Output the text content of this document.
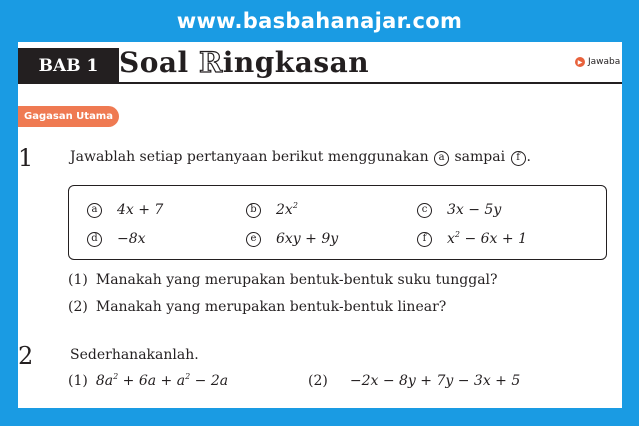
www.basbahanajar.com
BAB 1 Soal Ringkasan	▶ Jawaba
Gagasan Utama
1	Jawablah setiap pertanyaan berikut menggunakan a sampai f .
a	4x + 7	b	$2x^2$	c	3x − 5y
d	−8x	e	6xy + 9y	f	$x^2 - 6x + 1$
(1) Manakah yang merupakan bentuk-bentuk suku tunggal?
(2) Manakah yang merupakan bentuk-bentuk linear?
2	Sederhanakanlah.
(1) $8a^2 + 6a + a^2 - 2a$	(2) −2x − 8y + 7y − 3x + 5
